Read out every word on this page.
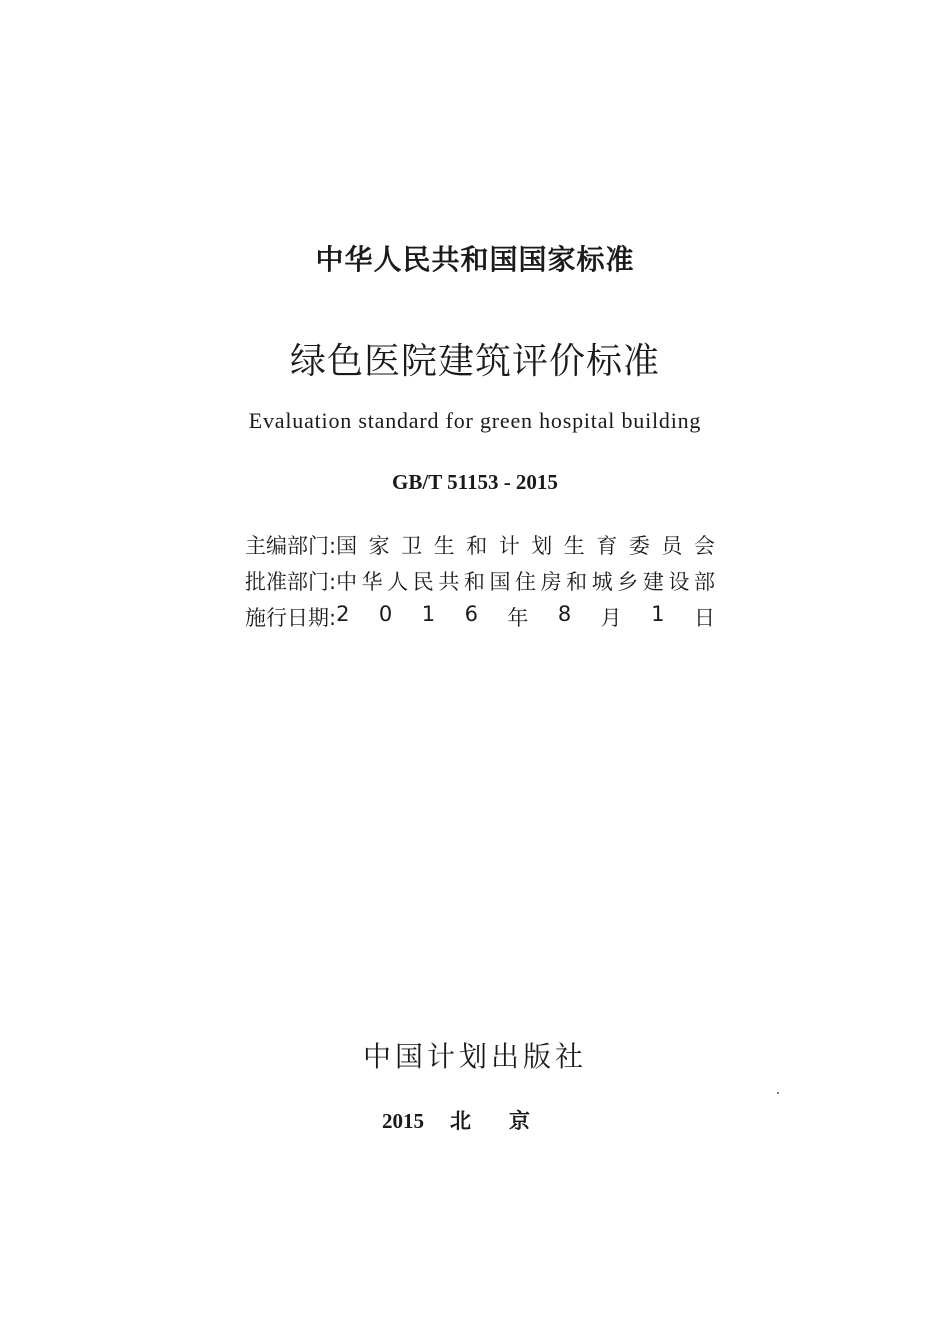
中华人民共和国国家标准
绿色医院建筑评价标准
Evaluation standard for green hospital building
GB/T 51153 - 2015
主编部门: 国 家 卫 生 和 计 划 生 育 委 员 会
批准部门: 中 华 人 民 共 和 国 住 房 和 城 乡 建 设 部
施行日期: 2 0 1 6 年 8 月 1 日
中国计划出版社
2015 北京
